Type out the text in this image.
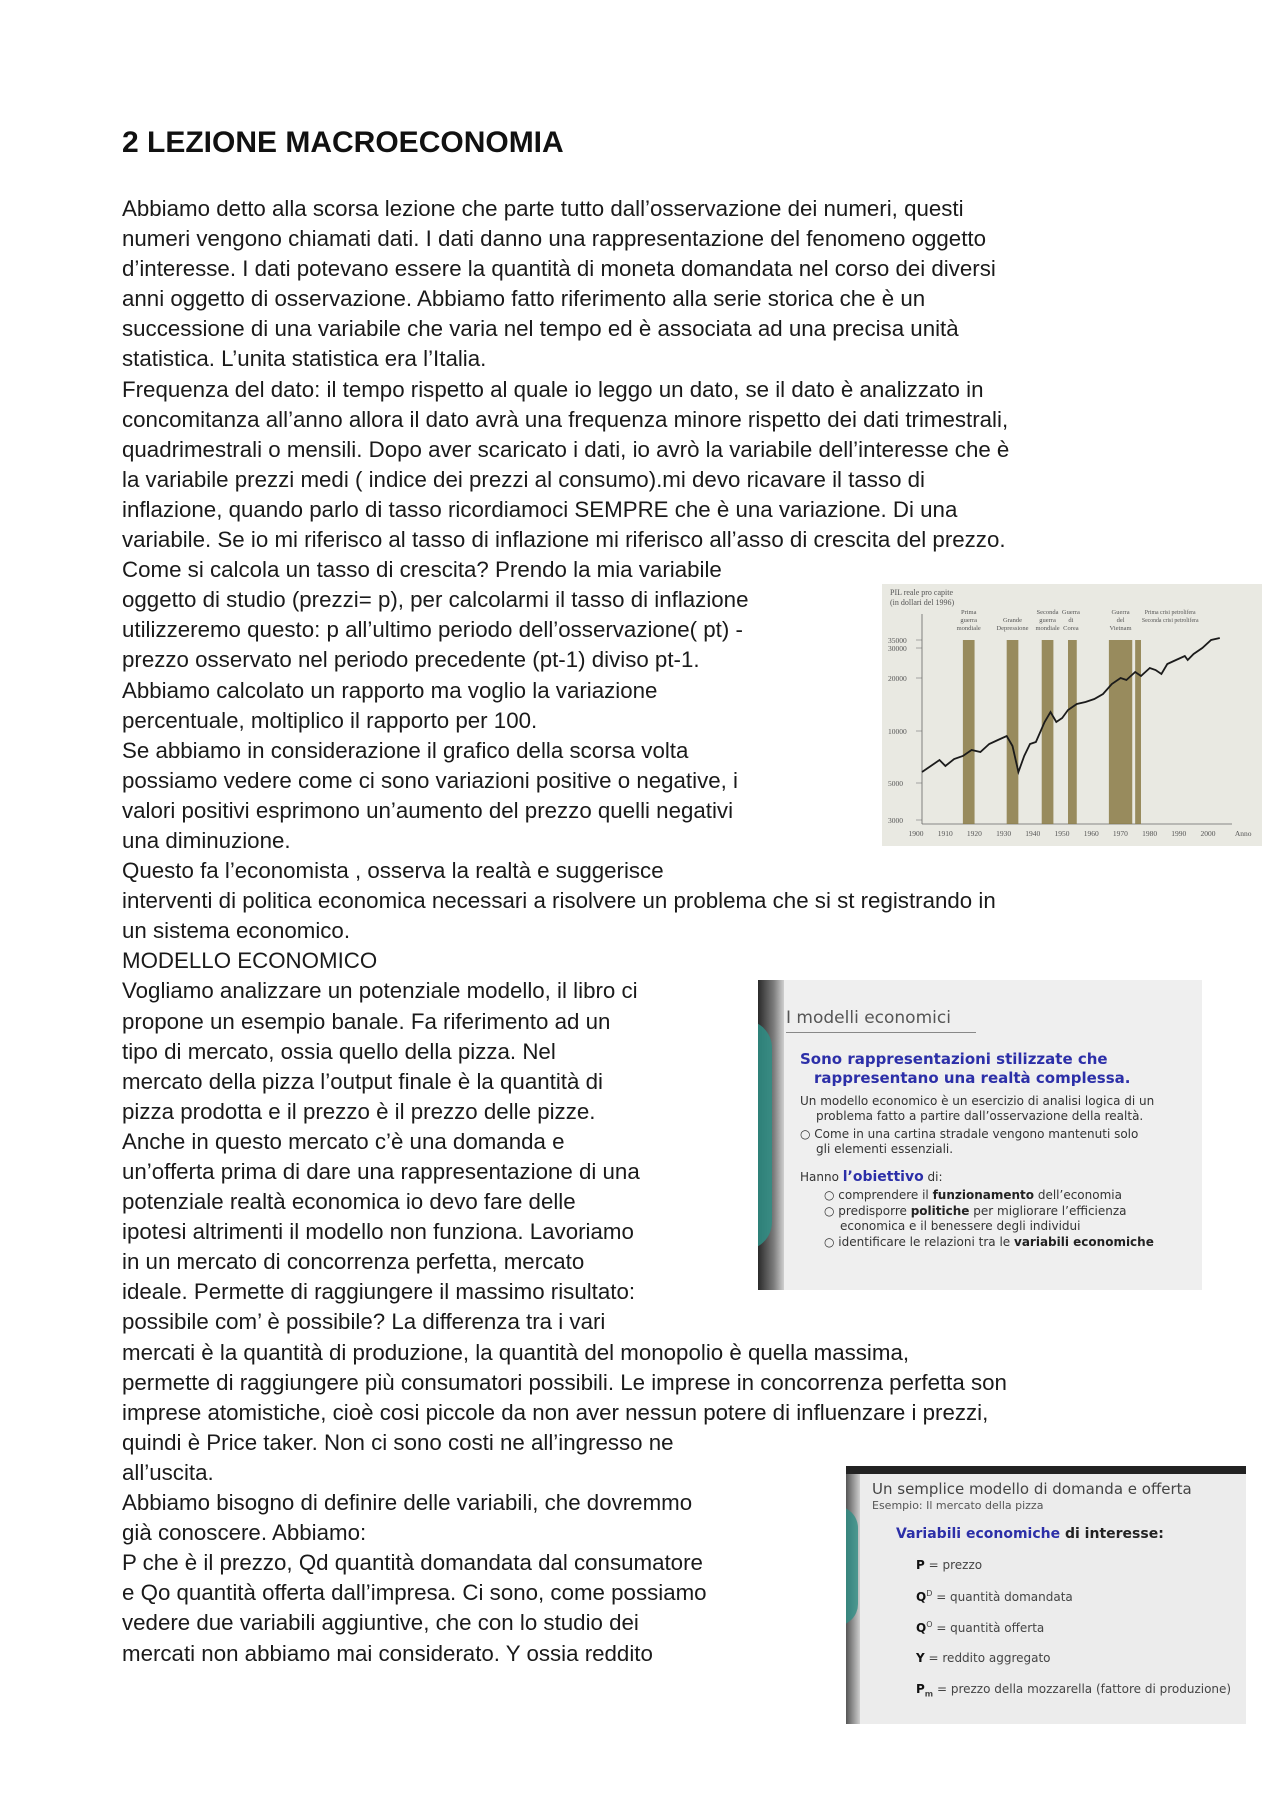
2 LEZIONE MACROECONOMIA
Abbiamo detto alla scorsa lezione che parte tutto dall’osservazione dei numeri, questi
numeri vengono chiamati dati. I dati danno una rappresentazione del fenomeno oggetto
d’interesse. I dati potevano essere la quantità di moneta domandata nel corso dei diversi
anni oggetto di osservazione. Abbiamo fatto riferimento alla serie storica che è un
successione di una variabile che varia nel tempo ed è associata ad una precisa unità
statistica. L’unita statistica era l’Italia.
Frequenza del dato: il tempo rispetto al quale io leggo un dato, se il dato è analizzato in
concomitanza all’anno allora il dato avrà una frequenza minore rispetto dei dati trimestrali,
quadrimestrali o mensili. Dopo aver scaricato i dati, io avrò la variabile dell’interesse che è
la variabile prezzi medi ( indice dei prezzi al consumo).mi devo ricavare il tasso di
inflazione, quando parlo di tasso ricordiamoci SEMPRE che è una variazione. Di una
variabile. Se io mi riferisco al tasso di inflazione mi riferisco all’asso di crescita del prezzo.
Come si calcola un tasso di crescita? Prendo la mia variabile
oggetto di studio (prezzi= p), per calcolarmi il tasso di inflazione
utilizzeremo questo: p all’ultimo periodo dell’osservazione( pt) -
prezzo osservato nel periodo precedente (pt-1) diviso pt-1.
Abbiamo calcolato un rapporto ma voglio la variazione
percentuale, moltiplico il rapporto per 100.
Se abbiamo in considerazione il grafico della scorsa volta
possiamo vedere come ci sono variazioni positive o negative, i
valori positivi esprimono un’aumento del prezzo quelli negativi
una diminuzione.
Questo fa l’economista , osserva la realtà e suggerisce
interventi di politica economica necessari a risolvere un problema che si st registrando in
un sistema economico.
MODELLO ECONOMICO
Vogliamo analizzare un potenziale modello, il libro ci
propone un esempio banale. Fa riferimento ad un
tipo di mercato, ossia quello della pizza. Nel
mercato della pizza l’output finale è la quantità di
pizza prodotta e il prezzo è il prezzo delle pizze.
Anche in questo mercato c’è una domanda e
un’offerta prima di dare una rappresentazione di una
potenziale realtà economica io devo fare delle
ipotesi altrimenti il modello non funziona. Lavoriamo
in un mercato di concorrenza perfetta, mercato
ideale. Permette di raggiungere il massimo risultato:
possibile com’ è possibile? La differenza tra i vari
mercati è la quantità di produzione, la quantità del monopolio è quella massima,
permette di raggiungere più consumatori possibili. Le imprese in concorrenza perfetta son
imprese atomistiche, cioè cosi piccole da non aver nessun potere di influenzare i prezzi,
quindi è Price taker. Non ci sono costi ne all’ingresso ne
all’uscita.
Abbiamo bisogno di definire delle variabili, che dovremmo
già conoscere. Abbiamo:
P che è il prezzo, Qd quantità domandata dal consumatore
e Qo quantità offerta dall’impresa. Ci sono, come possiamo
vedere due variabili aggiuntive, che con lo studio dei
mercati non abbiamo mai considerato. Y ossia reddito
PIL reale pro capite
(in dollari del 1996)
35000
30000
20000
10000
5000
3000
1900 1910 1920 1930 1940 1950 1960 1970 1980 1990 2000	Anno
Prima
guerra
mondiale
Grande
Depressione
Seconda
guerra
mondiale
Guerra
di
Corea
Guerra
del
Vietnam
Prima crisi petrolifera
Seconda crisi petrolifera
I modelli economici
Sono rappresentazioni stilizzate che
rappresentano una realtà complessa.
Un modello economico è un esercizio di analisi logica di un
problema fatto a partire dall’osservazione della realtà.
○ Come in una cartina stradale vengono mantenuti solo
gli elementi essenziali.
Hanno l’obiettivo di:
○ comprendere il funzionamento dell’economia
○ predisporre politiche per migliorare l’efficienza
economica e il benessere degli individui
○ identificare le relazioni tra le variabili economiche
Un semplice modello di domanda e offerta
Esempio: Il mercato della pizza
Variabili economiche di interesse:
P = prezzo
$Q^D$ = quantità domandata
$Q^O$ = quantità offerta
Y = reddito aggregato
$P_m$ = prezzo della mozzarella (fattore di produzione)
